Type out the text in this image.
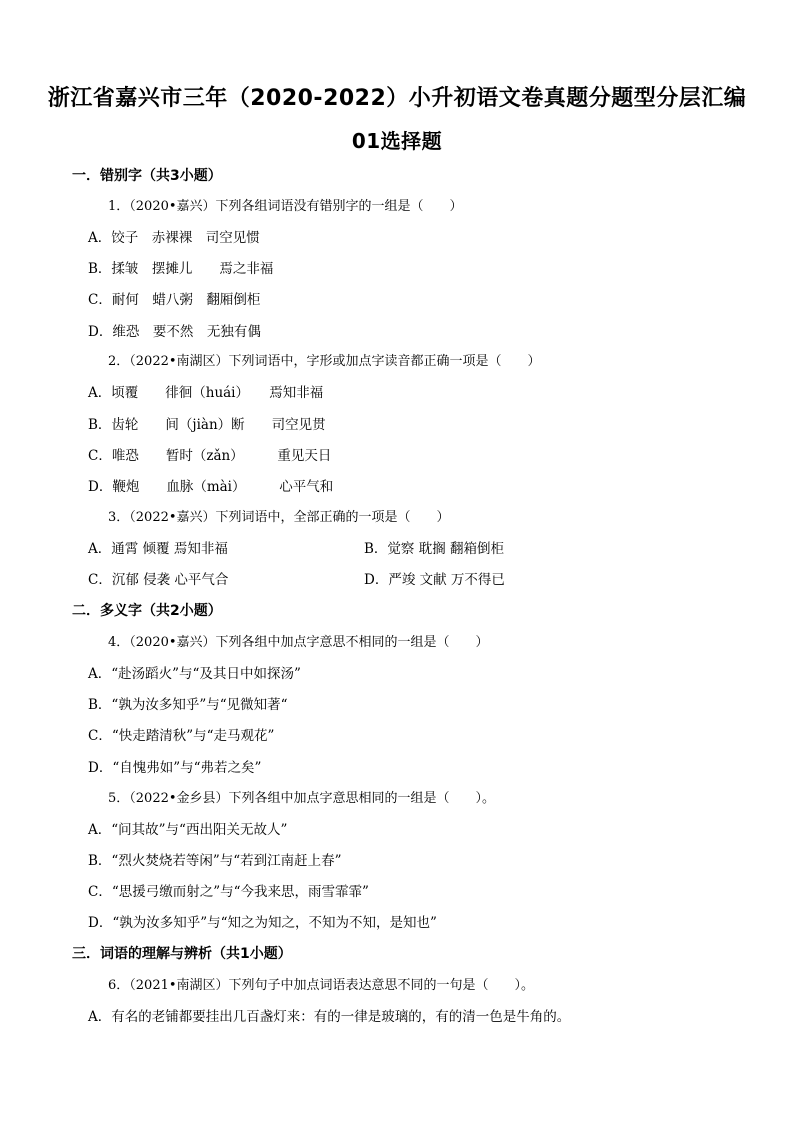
浙江省嘉兴市三年（2020-2022）小升初语文卷真题分题型分层汇编
01选择题
一．错别字（共3小题）
1．（2020•嘉兴）下列各组词语没有错别字的一组是（　　）
A．饺子　赤裸裸　司空见惯
B．揉皱　摆摊儿　　焉之非福
C．耐何　蜡八粥　翻厢倒柜
D．维恐　要不然　无独有偶
2．（2022•南湖区）下列词语中，字形或加点字读音都正确一项是（　　）
A．顷覆　　徘徊（huái）　　焉知非福
B．齿轮　　间（jiàn）断　　司空见贯
C．唯恐　　暂时（zǎn）　　　重见天日
D．鞭炮　　血脉（mài）　　　心平气和
3．（2022•嘉兴）下列词语中，全部正确的一项是（　　）
A．通霄 倾覆 焉知非福	B．觉察 耽搁 翻箱倒柜
C．沉郁 侵袭 心平气合	D．严竣 文献 万不得已
二．多义字（共2小题）
4．（2020•嘉兴）下列各组中加点字意思不相同的一组是（　　）
A．“赴汤蹈火”与“及其日中如探汤”
B．“孰为汝多知乎”与“见微知著“
C．“快走踏清秋”与“走马观花”
D．“自愧弗如”与“弗若之矣”
5．（2022•金乡县）下列各组中加点字意思相同的一组是（　　）。
A．“问其故”与“西出阳关无故人”
B．“烈火焚烧若等闲”与“若到江南赶上春”
C．“思援弓缴而射之”与“今我来思，雨雪霏霏”
D．“孰为汝多知乎”与“知之为知之，不知为不知，是知也”
三．词语的理解与辨析（共1小题）
6．（2021•南湖区）下列句子中加点词语表达意思不同的一句是（　　）。
A．有名的老铺都要挂出几百盏灯来：有的一律是玻璃的，有的清一色是牛角的。
